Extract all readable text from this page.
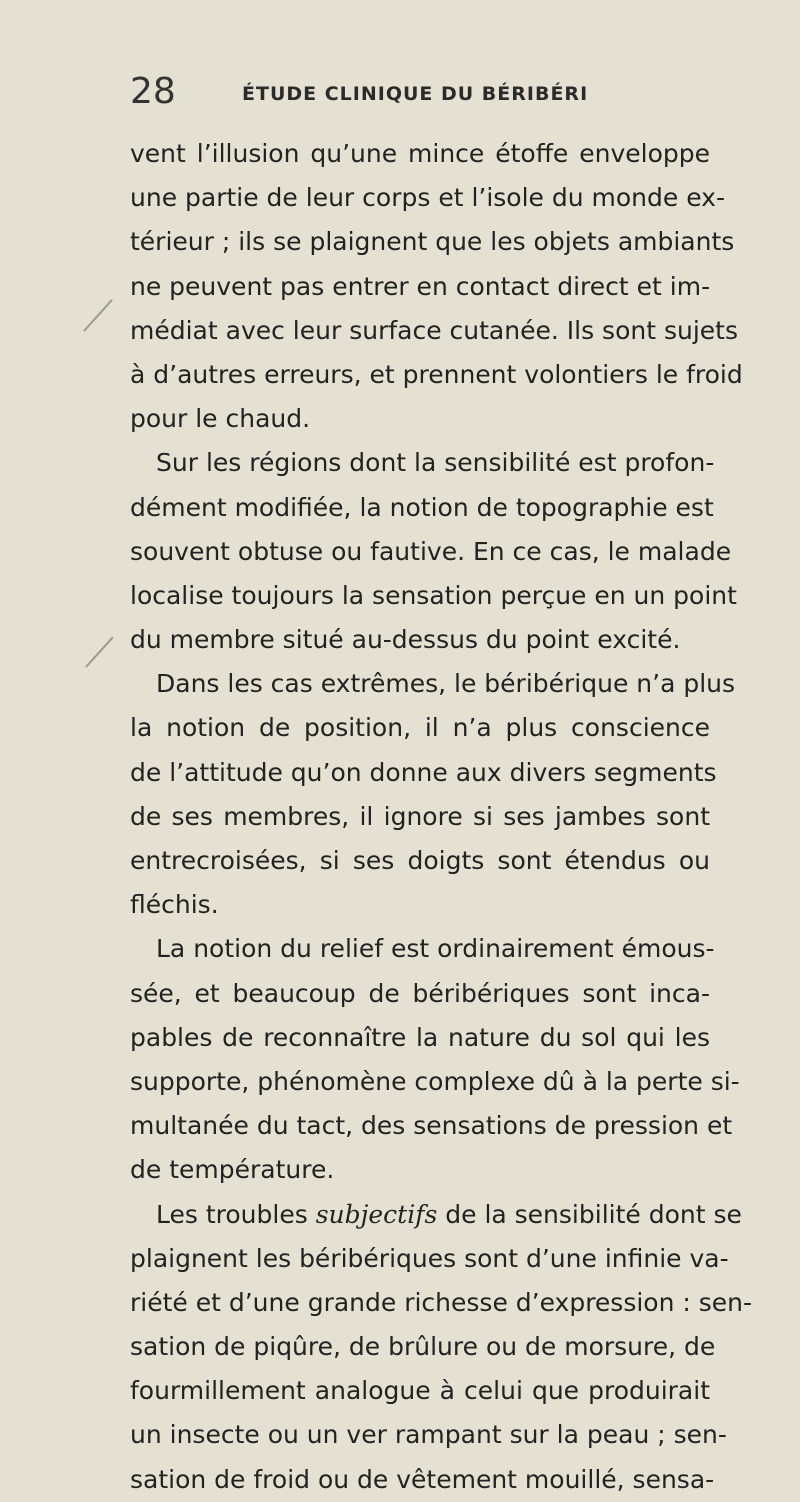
28	ÉTUDE CLINIQUE DU BÉRIBÉRI
vent l’illusion qu’une mince étoffe enveloppe
une partie de leur corps et l’isole du monde ex-
térieur ; ils se plaignent que les objets ambiants
ne peuvent pas entrer en contact direct et im-
médiat avec leur surface cutanée. Ils sont sujets
à d’autres erreurs, et prennent volontiers le froid
pour le chaud.
Sur les régions dont la sensibilité est profon-
dément modifiée, la notion de topographie est
souvent obtuse ou fautive. En ce cas, le malade
localise toujours la sensation perçue en un point
du membre situé au-dessus du point excité.
Dans les cas extrêmes, le béribérique n’a plus
la notion de position, il n’a plus conscience
de l’attitude qu’on donne aux divers segments
de ses membres, il ignore si ses jambes sont
entrecroisées, si ses doigts sont étendus ou
fléchis.
La notion du relief est ordinairement émous-
sée, et beaucoup de béribériques sont inca-
pables de reconnaître la nature du sol qui les
supporte, phénomène complexe dû à la perte si-
multanée du tact, des sensations de pression et
de température.
Les troubles subjectifs de la sensibilité dont se
plaignent les béribériques sont d’une infinie va-
riété et d’une grande richesse d’expression : sen-
sation de piqûre, de brûlure ou de morsure, de
fourmillement analogue à celui que produirait
un insecte ou un ver rampant sur la peau ; sen-
sation de froid ou de vêtement mouillé, sensa-
